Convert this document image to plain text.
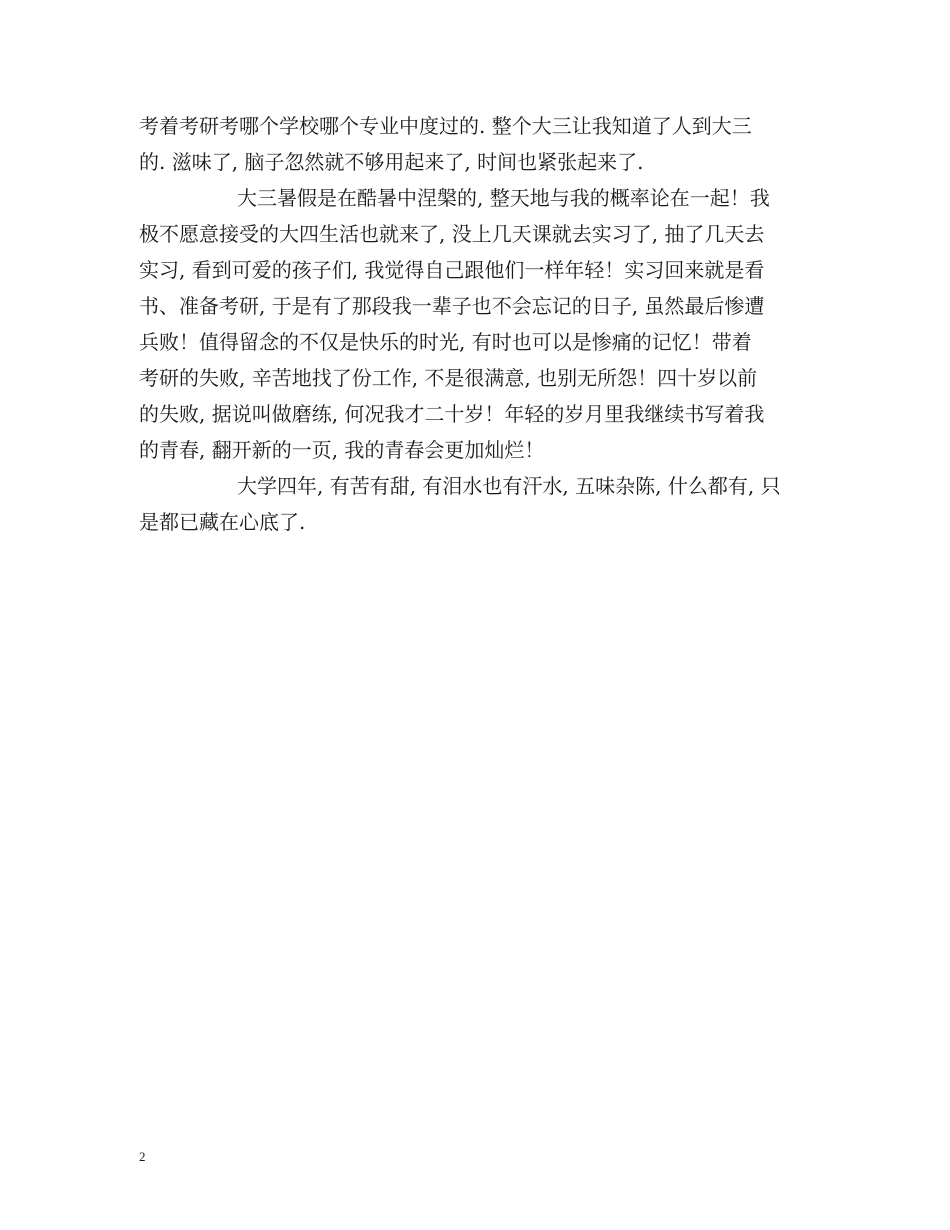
考着考研考哪个学校哪个专业中度过的. 整个大三让我知道了人到大三
的. 滋味了, 脑子忽然就不够用起来了, 时间也紧张起来了.
大三暑假是在酷暑中涅槃的, 整天地与我的概率论在一起！我
极不愿意接受的大四生活也就来了, 没上几天课就去实习了, 抽了几天去
实习, 看到可爱的孩子们, 我觉得自己跟他们一样年轻！实习回来就是看
书、准备考研, 于是有了那段我一辈子也不会忘记的日子, 虽然最后惨遭
兵败！值得留念的不仅是快乐的时光, 有时也可以是惨痛的记忆！带着
考研的失败, 辛苦地找了份工作, 不是很满意, 也别无所怨！四十岁以前
的失败, 据说叫做磨练, 何况我才二十岁！年轻的岁月里我继续书写着我
的青春, 翻开新的一页, 我的青春会更加灿烂！
大学四年, 有苦有甜, 有泪水也有汗水, 五味杂陈, 什么都有, 只
是都已藏在心底了.
2
